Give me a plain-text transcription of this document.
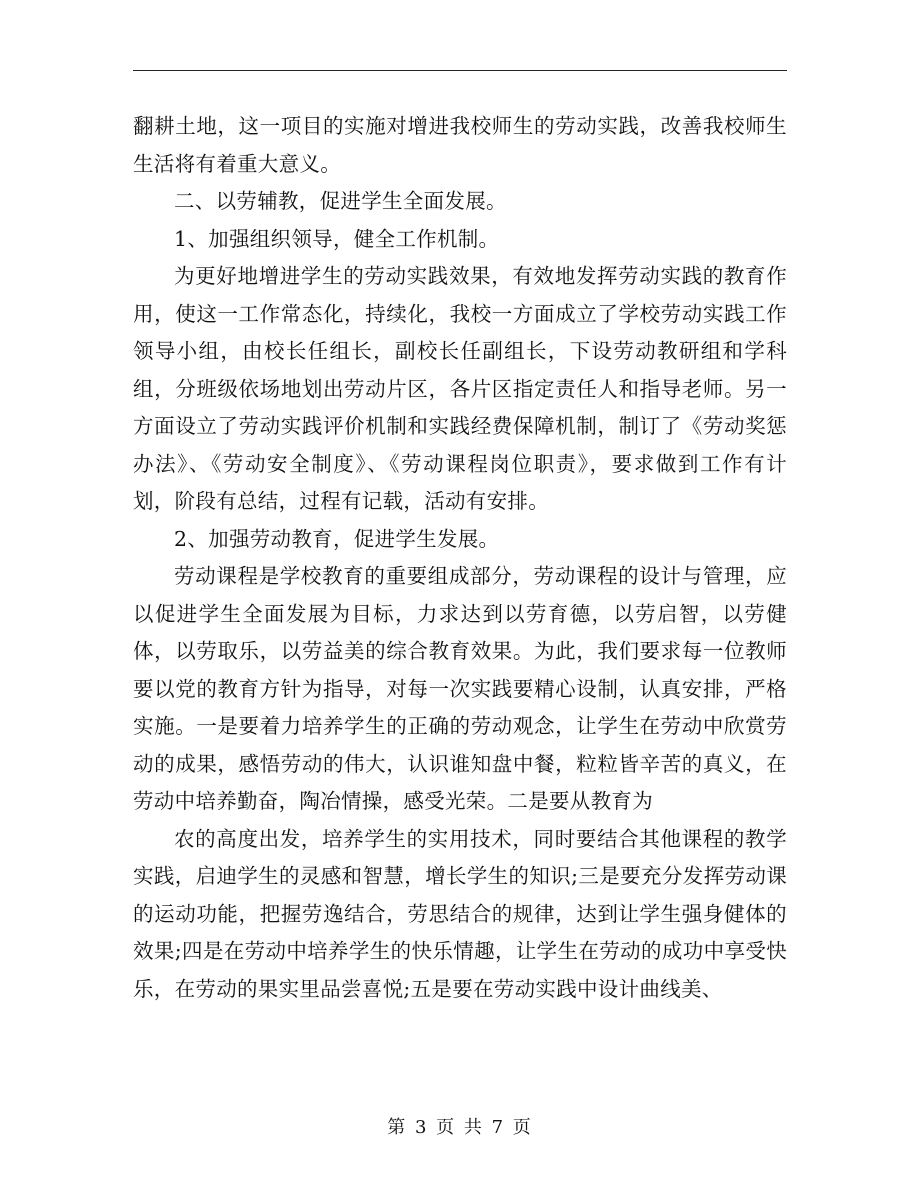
翻耕土地，这一项目的实施对增进我校师生的劳动实践，改善我校师生生活将有着重大意义。

二、以劳辅教，促进学生全面发展。

1、加强组织领导，健全工作机制。

为更好地增进学生的劳动实践效果，有效地发挥劳动实践的教育作用，使这一工作常态化，持续化，我校一方面成立了学校劳动实践工作领导小组，由校长任组长，副校长任副组长，下设劳动教研组和学科组，分班级依场地划出劳动片区，各片区指定责任人和指导老师。另一方面设立了劳动实践评价机制和实践经费保障机制，制订了《劳动奖惩办法》、《劳动安全制度》、《劳动课程岗位职责》，要求做到工作有计划，阶段有总结，过程有记载，活动有安排。

2、加强劳动教育，促进学生发展。

劳动课程是学校教育的重要组成部分，劳动课程的设计与管理，应以促进学生全面发展为目标，力求达到以劳育德，以劳启智，以劳健体，以劳取乐，以劳益美的综合教育效果。为此，我们要求每一位教师要以党的教育方针为指导，对每一次实践要精心设制，认真安排，严格实施。一是要着力培养学生的正确的劳动观念，让学生在劳动中欣赏劳动的成果，感悟劳动的伟大，认识谁知盘中餐，粒粒皆辛苦的真义，在劳动中培养勤奋，陶冶情操，感受光荣。二是要从教育为

农的高度出发，培养学生的实用技术，同时要结合其他课程的教学实践，启迪学生的灵感和智慧，增长学生的知识;三是要充分发挥劳动课的运动功能，把握劳逸结合，劳思结合的规律，达到让学生强身健体的效果;四是在劳动中培养学生的快乐情趣，让学生在劳动的成功中享受快乐，在劳动的果实里品尝喜悦;五是要在劳动实践中设计曲线美、

第 3 页 共 7 页
